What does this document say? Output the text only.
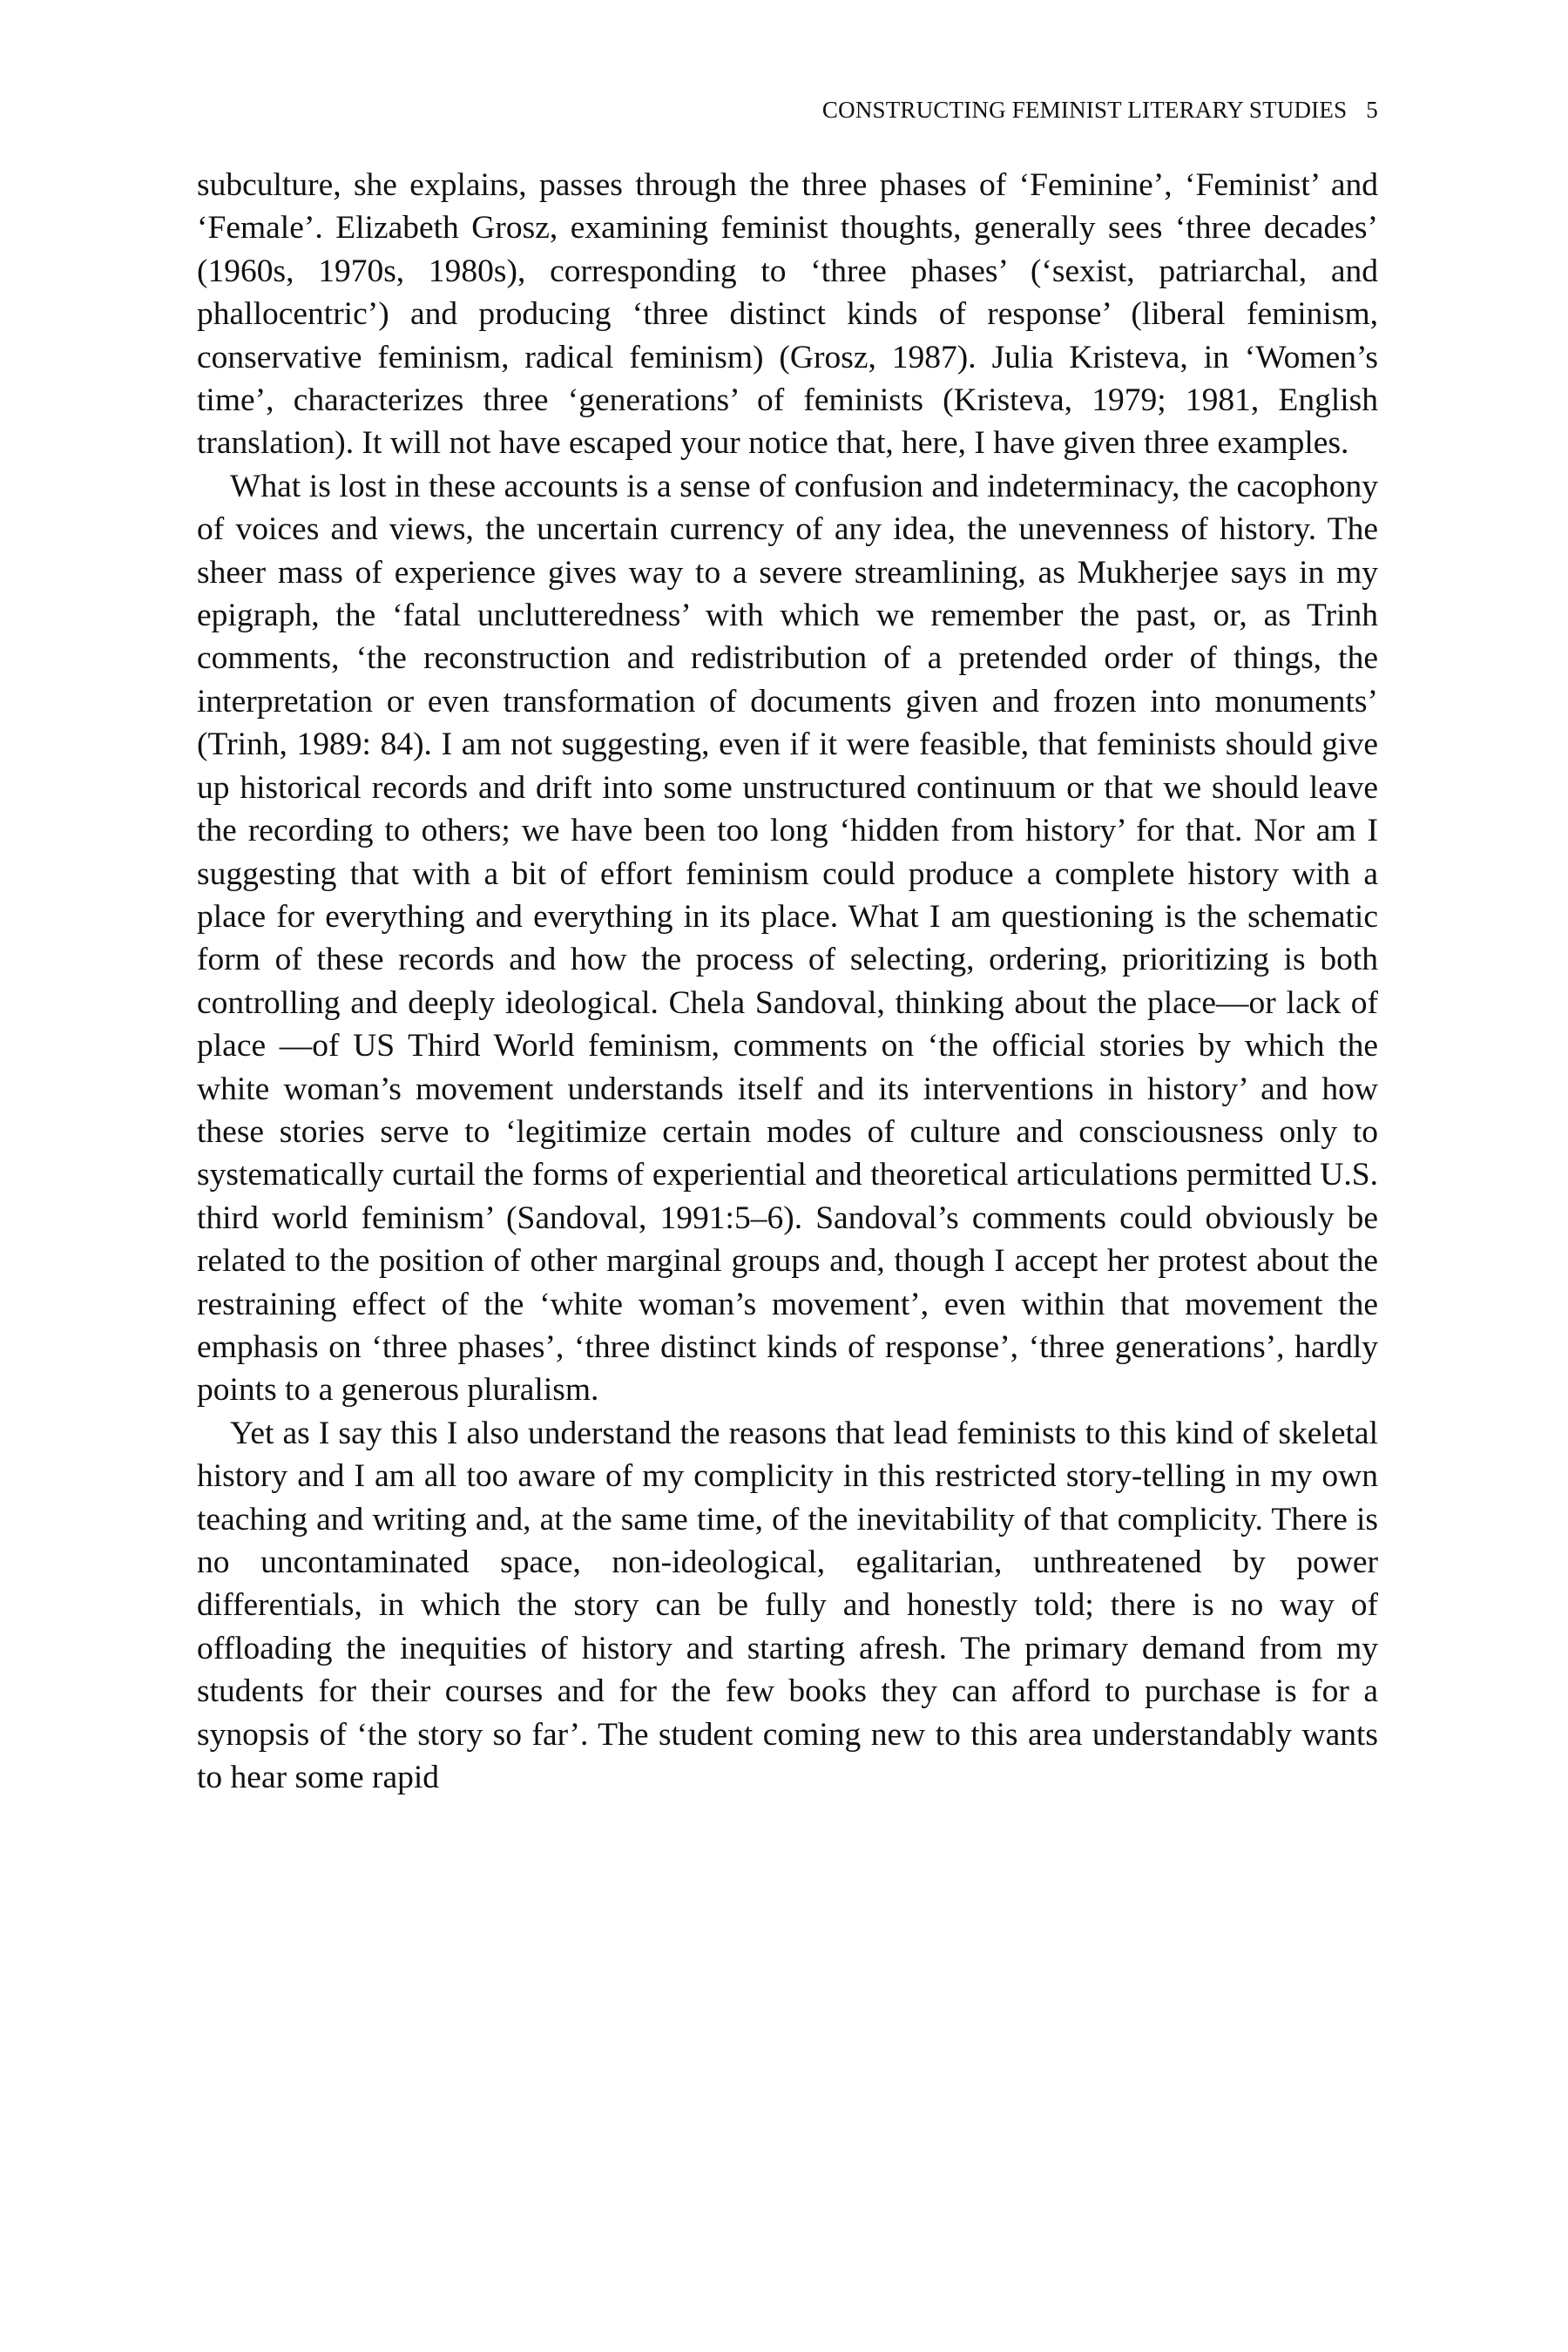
CONSTRUCTING FEMINIST LITERARY STUDIES 5

subculture, she explains, passes through the three phases of ‘Feminine’, ‘Feminist’ and ‘Female’. Elizabeth Grosz, examining feminist thoughts, generally sees ‘three decades’ (1960s, 1970s, 1980s), corresponding to ‘three phases’ (‘sexist, patriarchal, and phallocentric’) and producing ‘three distinct kinds of response’ (liberal feminism, conservative feminism, radical feminism) (Grosz, 1987). Julia Kristeva, in ‘Women’s time’, characterizes three ‘generations’ of feminists (Kristeva, 1979; 1981, English translation). It will not have escaped your notice that, here, I have given three examples.

What is lost in these accounts is a sense of confusion and indeterminacy, the cacophony of voices and views, the uncertain currency of any idea, the unevenness of history. The sheer mass of experience gives way to a severe streamlining, as Mukherjee says in my epigraph, the ‘fatal unclutteredness’ with which we remember the past, or, as Trinh comments, ‘the reconstruction and redistribution of a pretended order of things, the interpretation or even transformation of documents given and frozen into monuments’ (Trinh, 1989: 84). I am not suggesting, even if it were feasible, that feminists should give up historical records and drift into some unstructured continuum or that we should leave the recording to others; we have been too long ‘hidden from history’ for that. Nor am I suggesting that with a bit of effort feminism could produce a complete history with a place for everything and everything in its place. What I am questioning is the schematic form of these records and how the process of selecting, ordering, prioritizing is both controlling and deeply ideological. Chela Sandoval, thinking about the place—or lack of place —of US Third World feminism, comments on ‘the official stories by which the white woman’s movement understands itself and its interventions in history’ and how these stories serve to ‘legitimize certain modes of culture and consciousness only to systematically curtail the forms of experiential and theoretical articulations permitted U.S. third world feminism’ (Sandoval, 1991:5–6). Sandoval’s comments could obviously be related to the position of other marginal groups and, though I accept her protest about the restraining effect of the ‘white woman’s movement’, even within that movement the emphasis on ‘three phases’, ‘three distinct kinds of response’, ‘three generations’, hardly points to a generous pluralism.

Yet as I say this I also understand the reasons that lead feminists to this kind of skeletal history and I am all too aware of my complicity in this restricted story-telling in my own teaching and writing and, at the same time, of the inevitability of that complicity. There is no uncontaminated space, non-ideological, egalitarian, unthreatened by power differentials, in which the story can be fully and honestly told; there is no way of offloading the inequities of history and starting afresh. The primary demand from my students for their courses and for the few books they can afford to purchase is for a synopsis of ‘the story so far’. The student coming new to this area understandably wants to hear some rapid
